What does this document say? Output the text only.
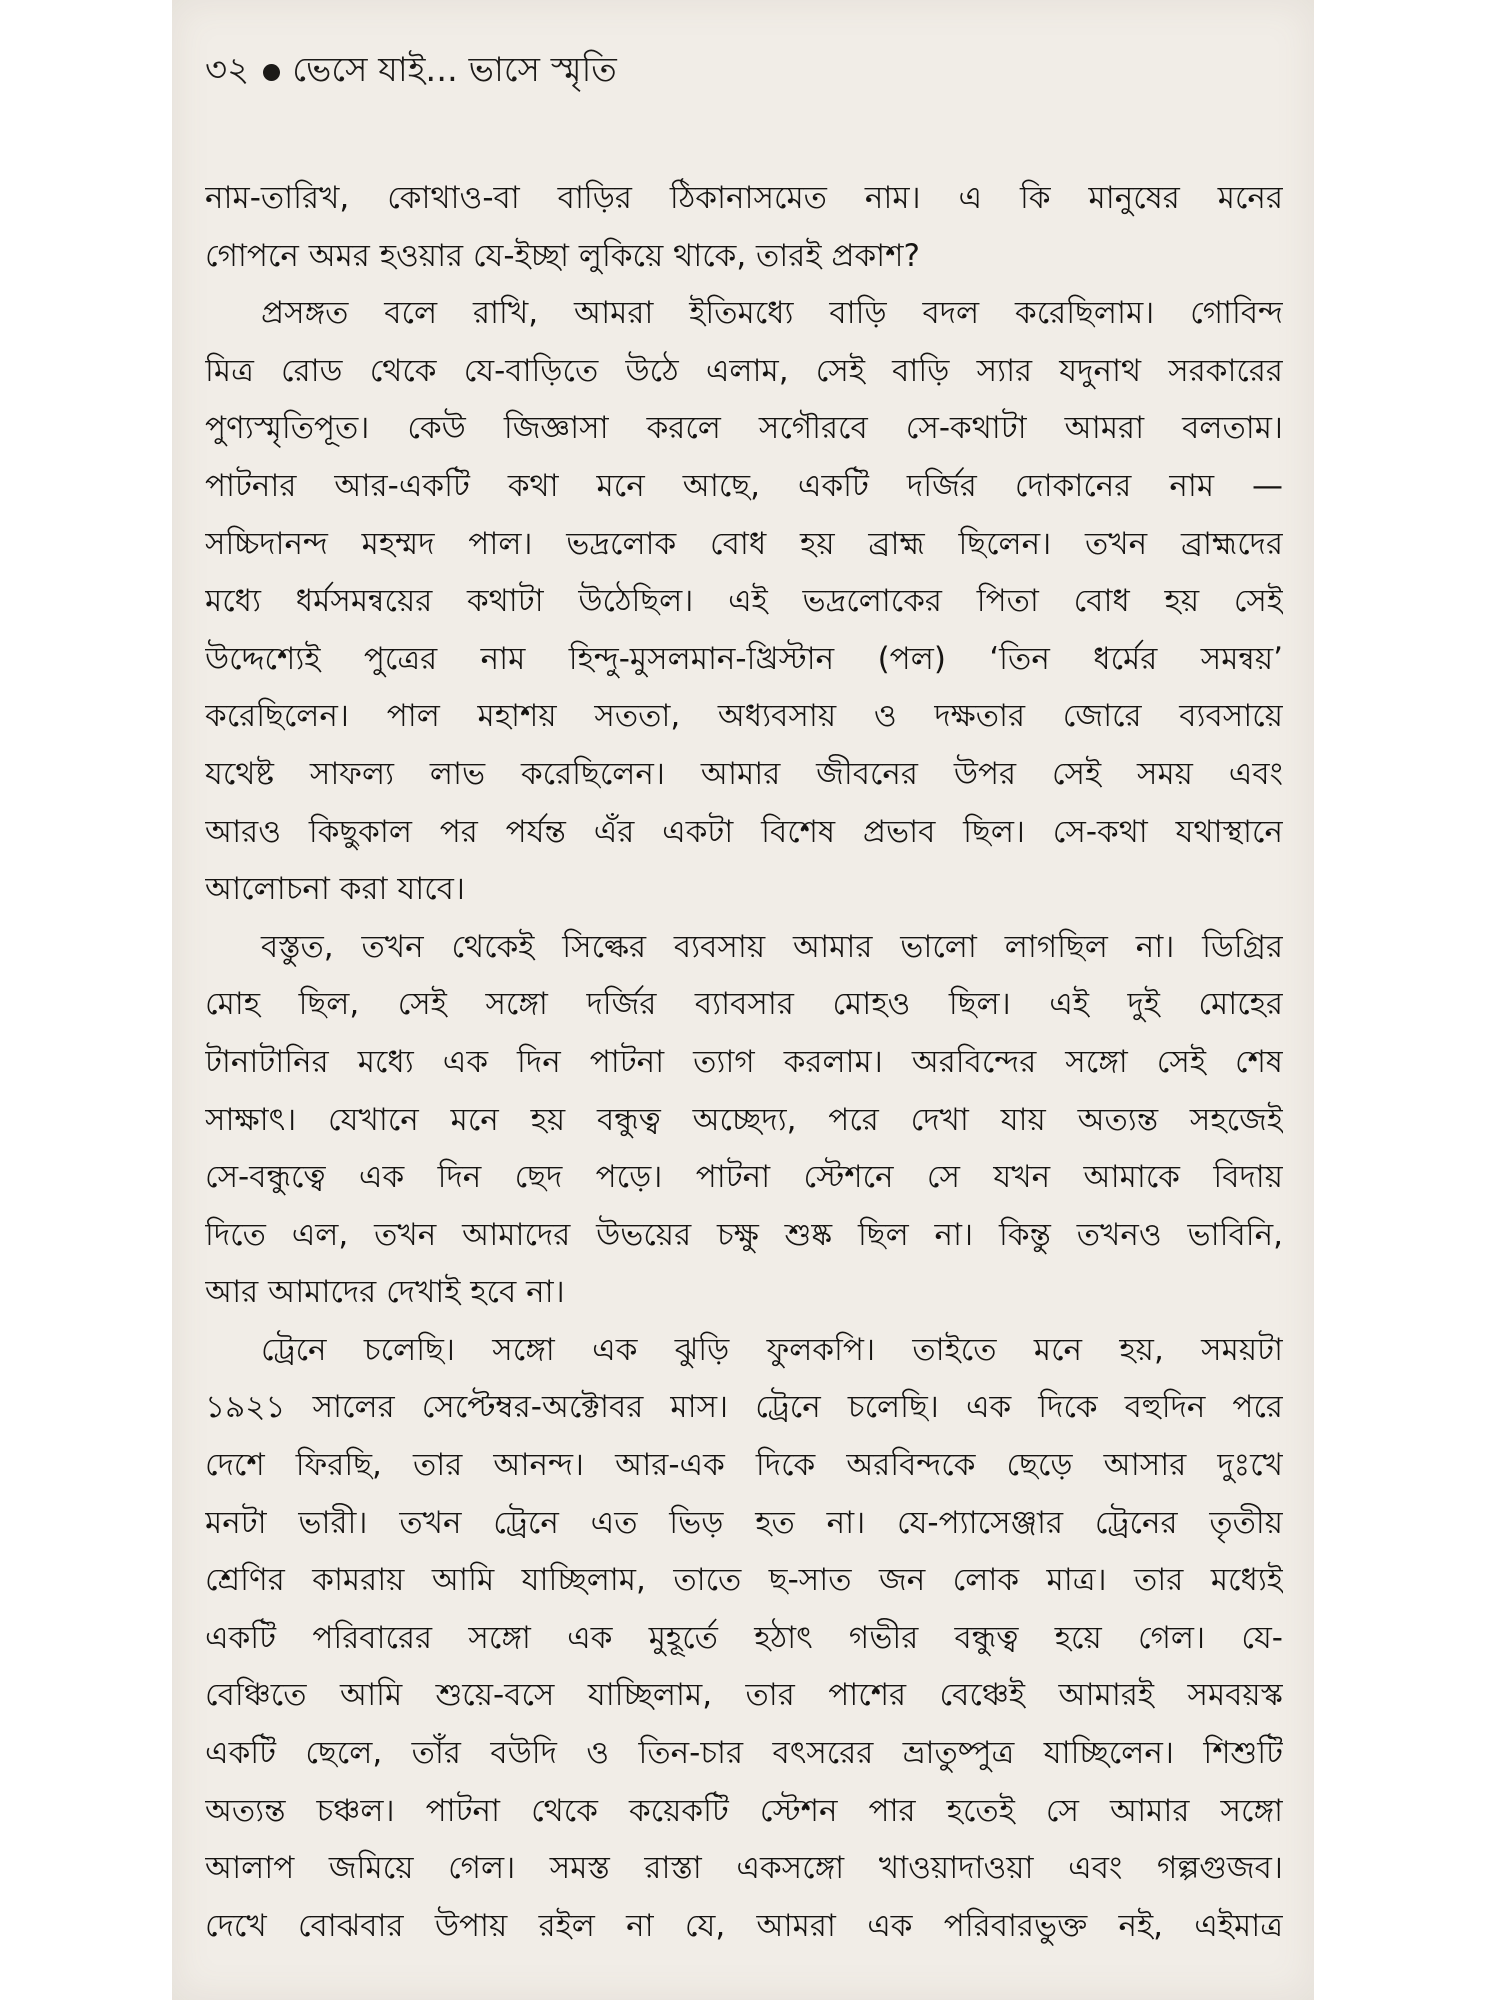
৩২ ভেসে যাই... ভাসে স্মৃতি
নাম-তারিখ, কোথাও-বা বাড়ির ঠিকানাসমেত নাম। এ কি মানুষের মনের
গোপনে অমর হওয়ার যে-ইচ্ছা লুকিয়ে থাকে, তারই প্রকাশ?
প্রসঙ্গত বলে রাখি, আমরা ইতিমধ্যে বাড়ি বদল করেছিলাম। গোবিন্দ
মিত্র রোড থেকে যে-বাড়িতে উঠে এলাম, সেই বাড়ি স্যার যদুনাথ সরকারের
পুণ্যস্মৃতিপূত। কেউ জিজ্ঞাসা করলে সগৌরবে সে-কথাটা আমরা বলতাম।
পাটনার আর-একটি কথা মনে আছে, একটি দর্জির দোকানের নাম —
সচ্চিদানন্দ মহম্মদ পাল। ভদ্রলোক বোধ হয় ব্রাহ্ম ছিলেন। তখন ব্রাহ্মদের
মধ্যে ধর্মসমন্বয়ের কথাটা উঠেছিল। এই ভদ্রলোকের পিতা বোধ হয় সেই
উদ্দেশ্যেই পুত্রের নাম হিন্দু-মুসলমান-খ্রিস্টান (পল) ‘তিন ধর্মের সমন্বয়’
করেছিলেন। পাল মহাশয় সততা, অধ্যবসায় ও দক্ষতার জোরে ব্যবসায়ে
যথেষ্ট সাফল্য লাভ করেছিলেন। আমার জীবনের উপর সেই সময় এবং
আরও কিছুকাল পর পর্যন্ত এঁর একটা বিশেষ প্রভাব ছিল। সে-কথা যথাস্থানে
আলোচনা করা যাবে।
বস্তুত, তখন থেকেই সিল্কের ব্যবসায় আমার ভালো লাগছিল না। ডিগ্রির
মোহ ছিল, সেই সঙ্গো দর্জির ব্যাবসার মোহও ছিল। এই দুই মোহের
টানাটানির মধ্যে এক দিন পাটনা ত্যাগ করলাম। অরবিন্দের সঙ্গো সেই শেষ
সাক্ষাৎ। যেখানে মনে হয় বন্ধুত্ব অচ্ছেদ্য, পরে দেখা যায় অত্যন্ত সহজেই
সে-বন্ধুত্বে এক দিন ছেদ পড়ে। পাটনা স্টেশনে সে যখন আমাকে বিদায়
দিতে এল, তখন আমাদের উভয়ের চক্ষু শুষ্ক ছিল না। কিন্তু তখনও ভাবিনি,
আর আমাদের দেখাই হবে না।
ট্রেনে চলেছি। সঙ্গো এক ঝুড়ি ফুলকপি। তাইতে মনে হয়, সময়টা
১৯২১ সালের সেপ্টেম্বর-অক্টোবর মাস। ট্রেনে চলেছি। এক দিকে বহুদিন পরে
দেশে ফিরছি, তার আনন্দ। আর-এক দিকে অরবিন্দকে ছেড়ে আসার দুঃখে
মনটা ভারী। তখন ট্রেনে এত ভিড় হত না। যে-প্যাসেঞ্জার ট্রেনের তৃতীয়
শ্রেণির কামরায় আমি যাচ্ছিলাম, তাতে ছ-সাত জন লোক মাত্র। তার মধ্যেই
একটি পরিবারের সঙ্গো এক মুহূর্তে হঠাৎ গভীর বন্ধুত্ব হয়ে গেল। যে-
বেঞ্চিতে আমি শুয়ে-বসে যাচ্ছিলাম, তার পাশের বেঞ্চেই আমারই সমবয়স্ক
একটি ছেলে, তাঁর বউদি ও তিন-চার বৎসরের ভ্রাতুষ্পুত্র যাচ্ছিলেন। শিশুটি
অত্যন্ত চঞ্চল। পাটনা থেকে কয়েকটি স্টেশন পার হতেই সে আমার সঙ্গো
আলাপ জমিয়ে গেল। সমস্ত রাস্তা একসঙ্গো খাওয়াদাওয়া এবং গল্পগুজব।
দেখে বোঝবার উপায় রইল না যে, আমরা এক পরিবারভুক্ত নই, এইমাত্র
